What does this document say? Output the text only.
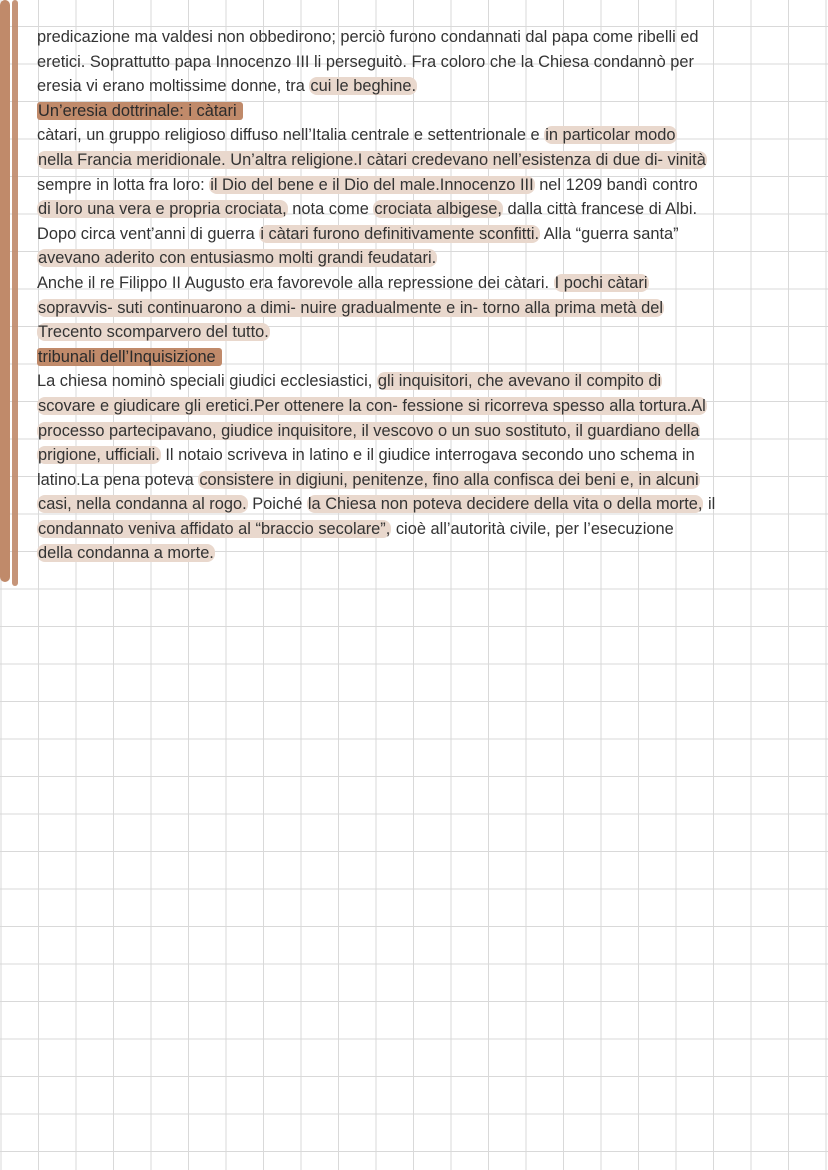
predicazione ma valdesi non obbedirono; perciò furono condannati dal papa come ribelli ed
eretici. Soprattutto papa Innocenzo III li perseguitò. Fra coloro che la Chiesa condannò per
eresia vi erano moltissime donne, tra cui le beghine.
Un’eresia dottrinale: i càtari
càtari, un gruppo religioso diffuso nell’Italia centrale e settentrionale e in particolar modo
nella Francia meridionale. Un’altra religione.I càtari credevano nell’esistenza di due di- vinità
sempre in lotta fra loro: il Dio del bene e il Dio del male.Innocenzo III nel 1209 bandì contro
di loro una vera e propria crociata, nota come crociata albigese, dalla città francese di Albi.
Dopo circa vent’anni di guerra i càtari furono definitivamente sconfitti. Alla “guerra santa”
avevano aderito con entusiasmo molti grandi feudatari.
Anche il re Filippo II Augusto era favorevole alla repressione dei càtari. I pochi càtari
sopravvis- suti continuarono a dimi- nuire gradualmente e in- torno alla prima metà del
Trecento scomparvero del tutto.
tribunali dell’Inquisizione
La chiesa nominò speciali giudici ecclesiastici, gli inquisitori, che avevano il compito di
scovare e giudicare gli eretici.Per ottenere la con- fessione si ricorreva spesso alla tortura.Al
processo partecipavano, giudice inquisitore, il vescovo o un suo sostituto, il guardiano della
prigione, ufficiali. Il notaio scriveva in latino e il giudice interrogava secondo uno schema in
latino.La pena poteva consistere in digiuni, penitenze, fino alla confisca dei beni e, in alcuni
casi, nella condanna al rogo. Poiché la Chiesa non poteva decidere della vita o della morte, il
condannato veniva affidato al “braccio secolare”, cioè all’autorità civile, per l’esecuzione
della condanna a morte.
